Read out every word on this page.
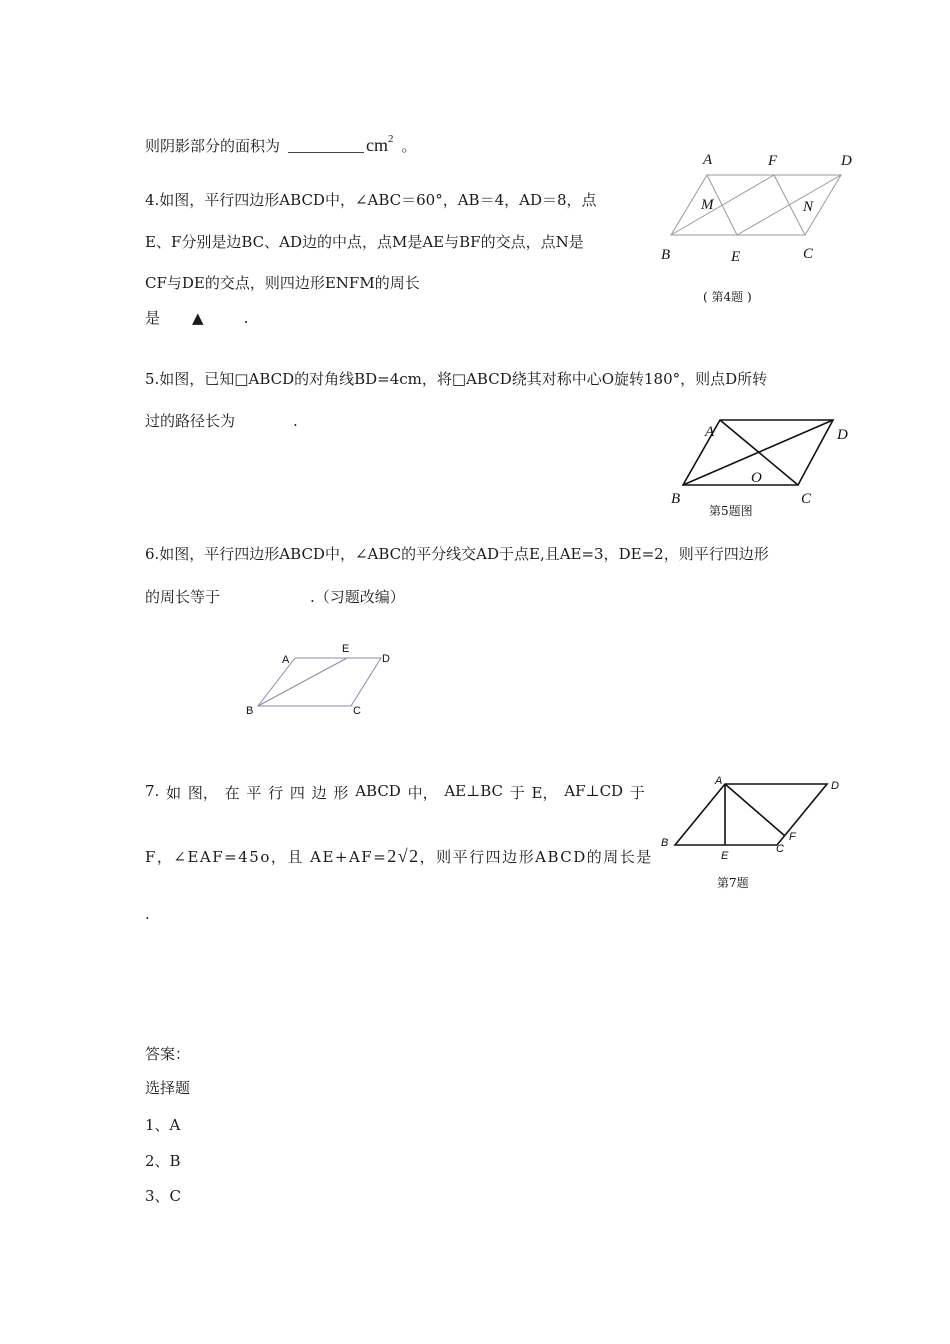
则阴影部分的面积为	$cm^2$ 。
4.如图，平行四边形ABCD中，∠ABC＝60°，AB＝4，AD＝8，点
E、F分别是边BC、AD边的中点，点M是AE与BF的交点，点N是
CF与DE的交点，则四边形ENFM的周长
是 ▲	.
A	F	D
M	N
B	E	C
( 第4题 )
5.如图，已知□ABCD的对角线BD=4cm，将□ABCD绕其对称中心O旋转180°，则点D所转
过的路径长为	.
A	D
O
B	C
第5题图
6.如图，平行四边形ABCD中，∠ABC的平分线交AD于点E,且AE=3，DE=2，则平行四边形
的周长等于	.（习题改编）
A
E
D
B	C
7. 如 图， 在 平 行 四 边 形 ABCD 中， AE⊥BC 于 E， AF⊥CD 于
F，∠EAF=45o，且 AE+AF=2√2，则平行四边形ABCD的周长是
.
A	D
B
E
C
F
第7题
答案：
选择题
1、A
2、B
3、C
